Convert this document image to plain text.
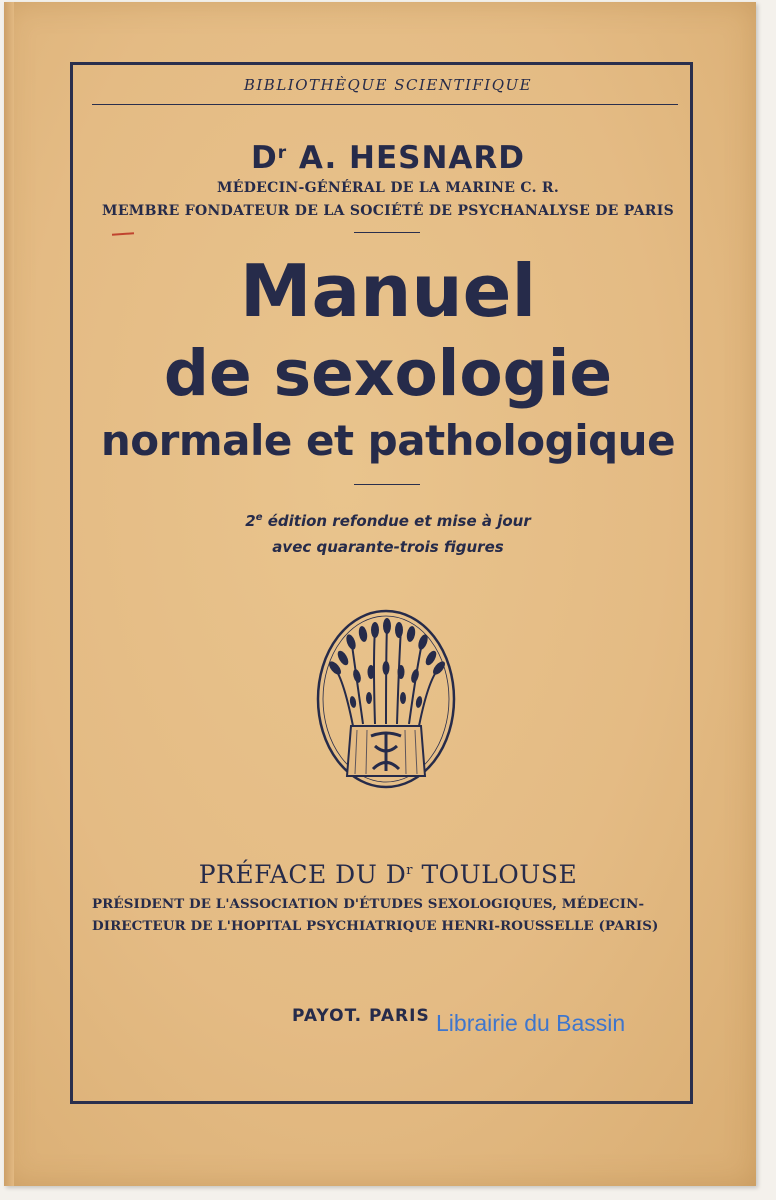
BIBLIOTHÈQUE SCIENTIFIQUE
$D^r$ A. HESNARD
MÉDECIN-GÉNÉRAL DE LA MARINE C. R.
MEMBRE FONDATEUR DE LA SOCIÉTÉ DE PSYCHANALYSE DE PARIS
Manuel
de sexologie
normale et pathologique
2e édition refondue et mise à jour
avec quarante-trois figures
PRÉFACE DU $D^r$ TOULOUSE
PRÉSIDENT DE L'ASSOCIATION D'ÉTUDES SEXOLOGIQUES, MÉDECIN-
DIRECTEUR DE L'HOPITAL PSYCHIATRIQUE HENRI-ROUSSELLE (PARIS)
PAYOT. PARIS Librairie du Bassin
